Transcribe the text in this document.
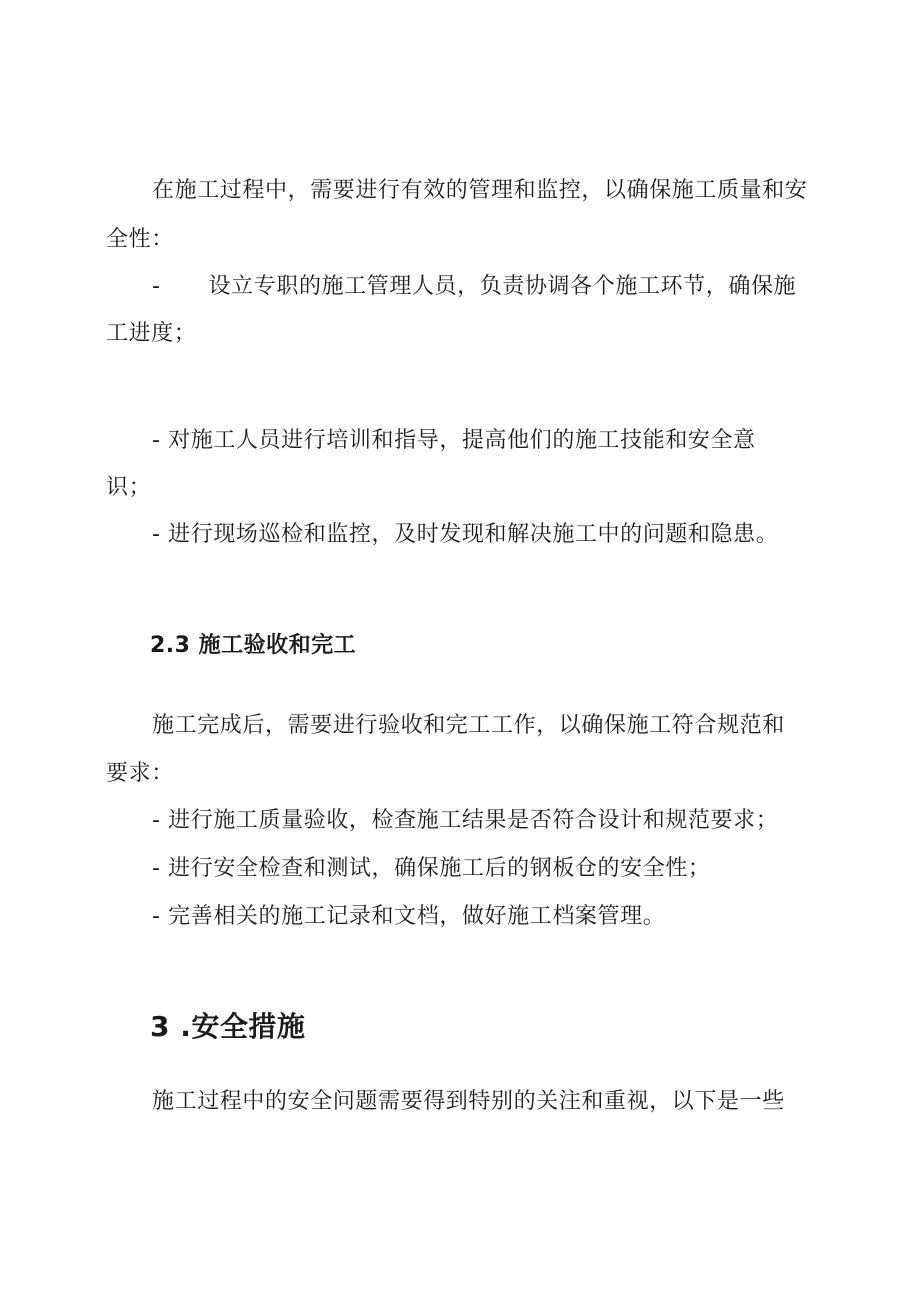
在施工过程中，需要进行有效的管理和监控，以确保施工质量和安
全性：
- 设立专职的施工管理人员，负责协调各个施工环节，确保施
工进度；
- 对施工人员进行培训和指导，提高他们的施工技能和安全意
识；
- 进行现场巡检和监控，及时发现和解决施工中的问题和隐患。
2.3 施工验收和完工
施工完成后，需要进行验收和完工工作，以确保施工符合规范和
要求：
- 进行施工质量验收，检查施工结果是否符合设计和规范要求；
- 进行安全检查和测试，确保施工后的钢板仓的安全性；
- 完善相关的施工记录和文档，做好施工档案管理。
3 .安全措施
施工过程中的安全问题需要得到特别的关注和重视，以下是一些
